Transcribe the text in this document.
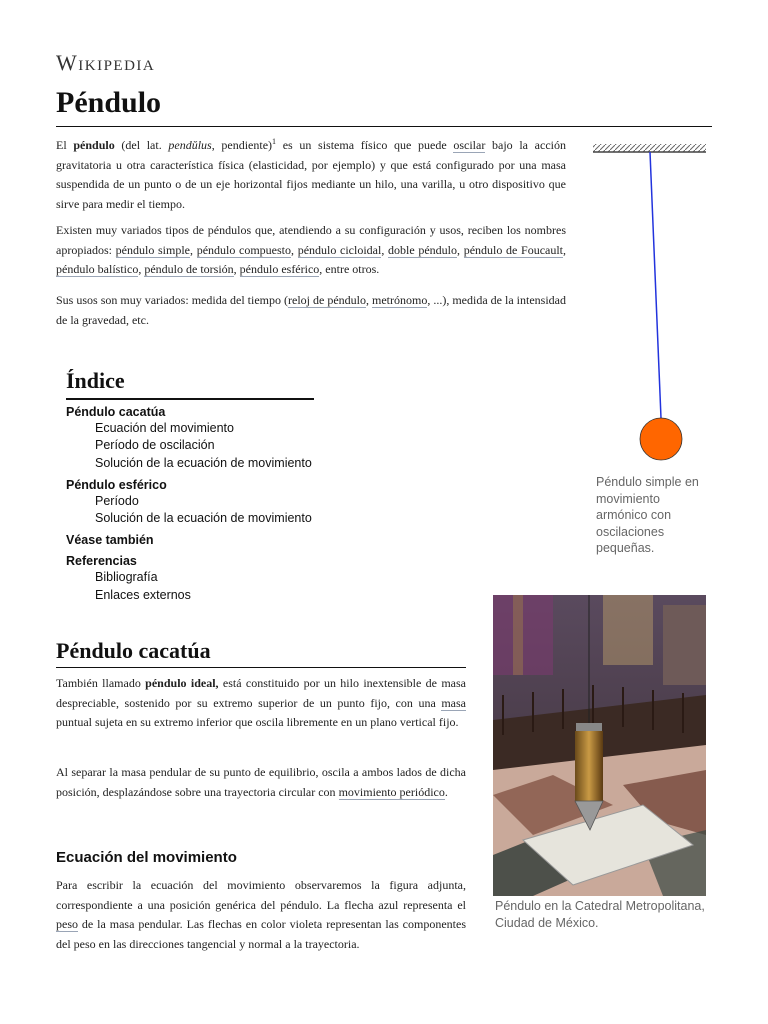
Wikipedia
Péndulo
El péndulo (del lat. pendŭlus, pendiente)$^1$ es un sistema físico que puede oscilar bajo la acción gravitatoria u otra característica física (elasticidad, por ejemplo) y que está configurado por una masa suspendida de un punto o de un eje horizontal fijos mediante un hilo, una varilla, u otro dispositivo que sirve para medir el tiempo.
Existen muy variados tipos de péndulos que, atendiendo a su configuración y usos, reciben los nombres apropiados: péndulo simple, péndulo compuesto, péndulo cicloidal, doble péndulo, péndulo de Foucault, péndulo balístico, péndulo de torsión, péndulo esférico, entre otros.
Sus usos son muy variados: medida del tiempo (reloj de péndulo, metrónomo, ...), medida de la intensidad de la gravedad, etc.
Péndulo simple en movimiento armónico con oscilaciones pequeñas.
Índice
Péndulo cacatúa
Ecuación del movimiento
Período de oscilación
Solución de la ecuación de movimiento
Péndulo esférico
Período
Solución de la ecuación de movimiento
Véase también
Referencias
Bibliografía
Enlaces externos
Péndulo cacatúa
También llamado péndulo ideal, está constituido por un hilo inextensible de masa despreciable, sostenido por su extremo superior de un punto fijo, con una masa puntual sujeta en su extremo inferior que oscila libremente en un plano vertical fijo.
Al separar la masa pendular de su punto de equilibrio, oscila a ambos lados de dicha posición, desplazándose sobre una trayectoria circular con movimiento periódico.
Ecuación del movimiento
Para escribir la ecuación del movimiento observaremos la figura adjunta, correspondiente a una posición genérica del péndulo. La flecha azul representa el peso de la masa pendular. Las flechas en color violeta representan las componentes del peso en las direcciones tangencial y normal a la trayectoria.
Péndulo en la Catedral Metropolitana, Ciudad de México.
